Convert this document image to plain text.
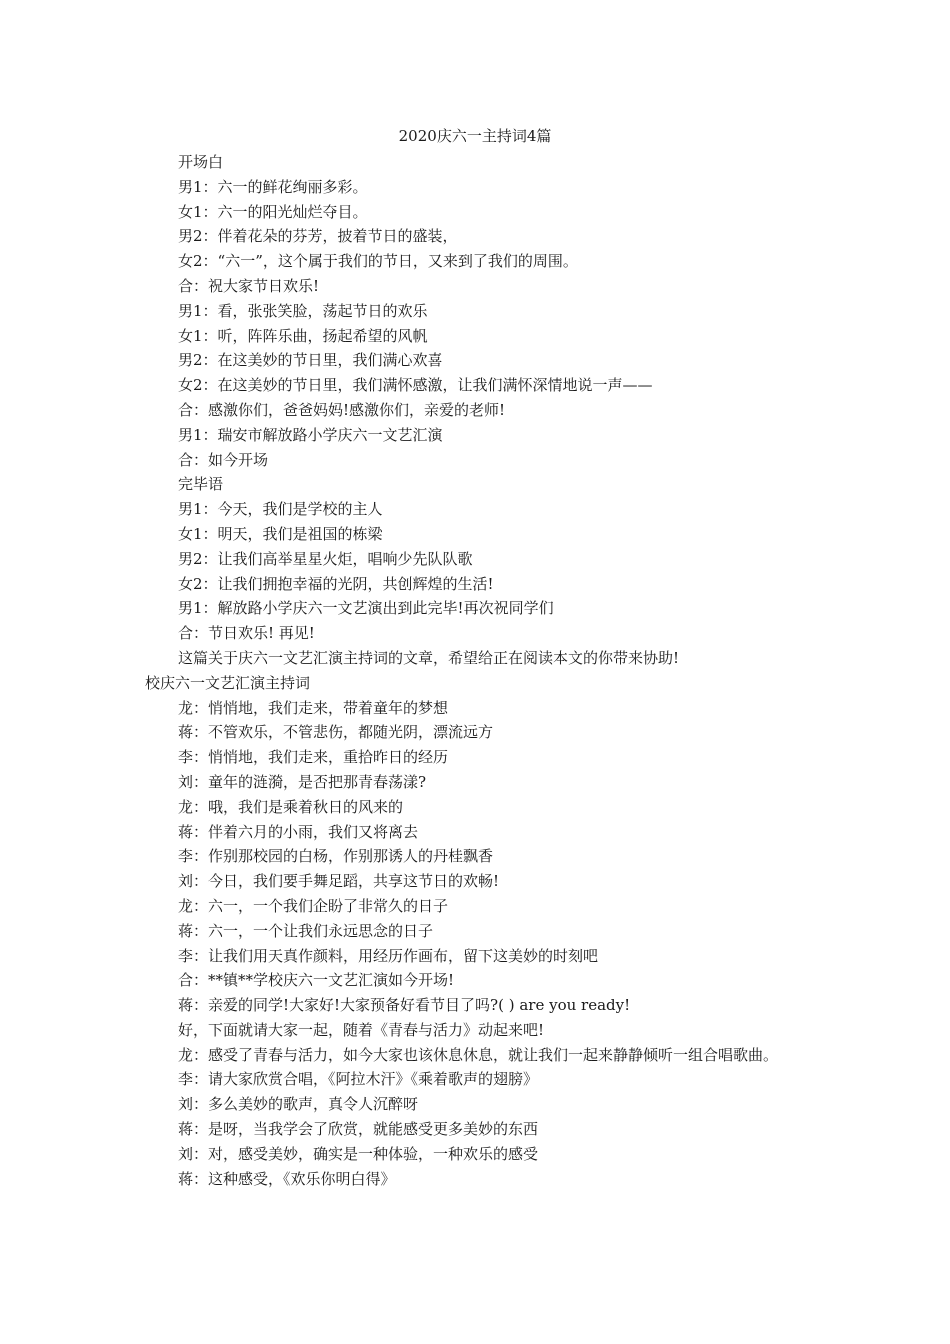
2020庆六一主持词4篇
开场白
男1：六一的鲜花绚丽多彩。
女1：六一的阳光灿烂夺目。
男2：伴着花朵的芬芳，披着节日的盛装，
女2：“六一”，这个属于我们的节日，又来到了我们的周围。
合：祝大家节日欢乐!
男1：看，张张笑脸，荡起节日的欢乐
女1：听，阵阵乐曲，扬起希望的风帆
男2：在这美妙的节日里，我们满心欢喜
女2：在这美妙的节日里，我们满怀感激，让我们满怀深情地说一声——
合：感激你们，爸爸妈妈!感激你们，亲爱的老师!
男1：瑞安市解放路小学庆六一文艺汇演
合：如今开场
完毕语
男1：今天，我们是学校的主人
女1：明天，我们是祖国的栋梁
男2：让我们高举星星火炬，唱响少先队队歌
女2：让我们拥抱幸福的光阴，共创辉煌的生活!
男1：解放路小学庆六一文艺演出到此完毕!再次祝同学们
合：节日欢乐! 再见!
这篇关于庆六一文艺汇演主持词的文章，希望给正在阅读本文的你带来协助!
校庆六一文艺汇演主持词
龙：悄悄地，我们走来，带着童年的梦想
蒋：不管欢乐，不管悲伤，都随光阴，漂流远方
李：悄悄地，我们走来，重拾昨日的经历
刘：童年的涟漪，是否把那青春荡漾?
龙：哦，我们是乘着秋日的风来的
蒋：伴着六月的小雨，我们又将离去
李：作别那校园的白杨，作别那诱人的丹桂飘香
刘：今日，我们要手舞足蹈，共享这节日的欢畅!
龙：六一，一个我们企盼了非常久的日子
蒋：六一，一个让我们永远思念的日子
李：让我们用天真作颜料，用经历作画布，留下这美妙的时刻吧
合：**镇**学校庆六一文艺汇演如今开场!
蒋：亲爱的同学!大家好!大家预备好看节目了吗?( ) are you ready!
好，下面就请大家一起，随着《青春与活力》动起来吧!
龙：感受了青春与活力，如今大家也该休息休息，就让我们一起来静静倾听一组合唱歌曲。
李：请大家欣赏合唱，《阿拉木汗》《乘着歌声的翅膀》
刘：多么美妙的歌声，真令人沉醉呀
蒋：是呀，当我学会了欣赏，就能感受更多美妙的东西
刘：对，感受美妙，确实是一种体验，一种欢乐的感受
蒋：这种感受，《欢乐你明白得》
